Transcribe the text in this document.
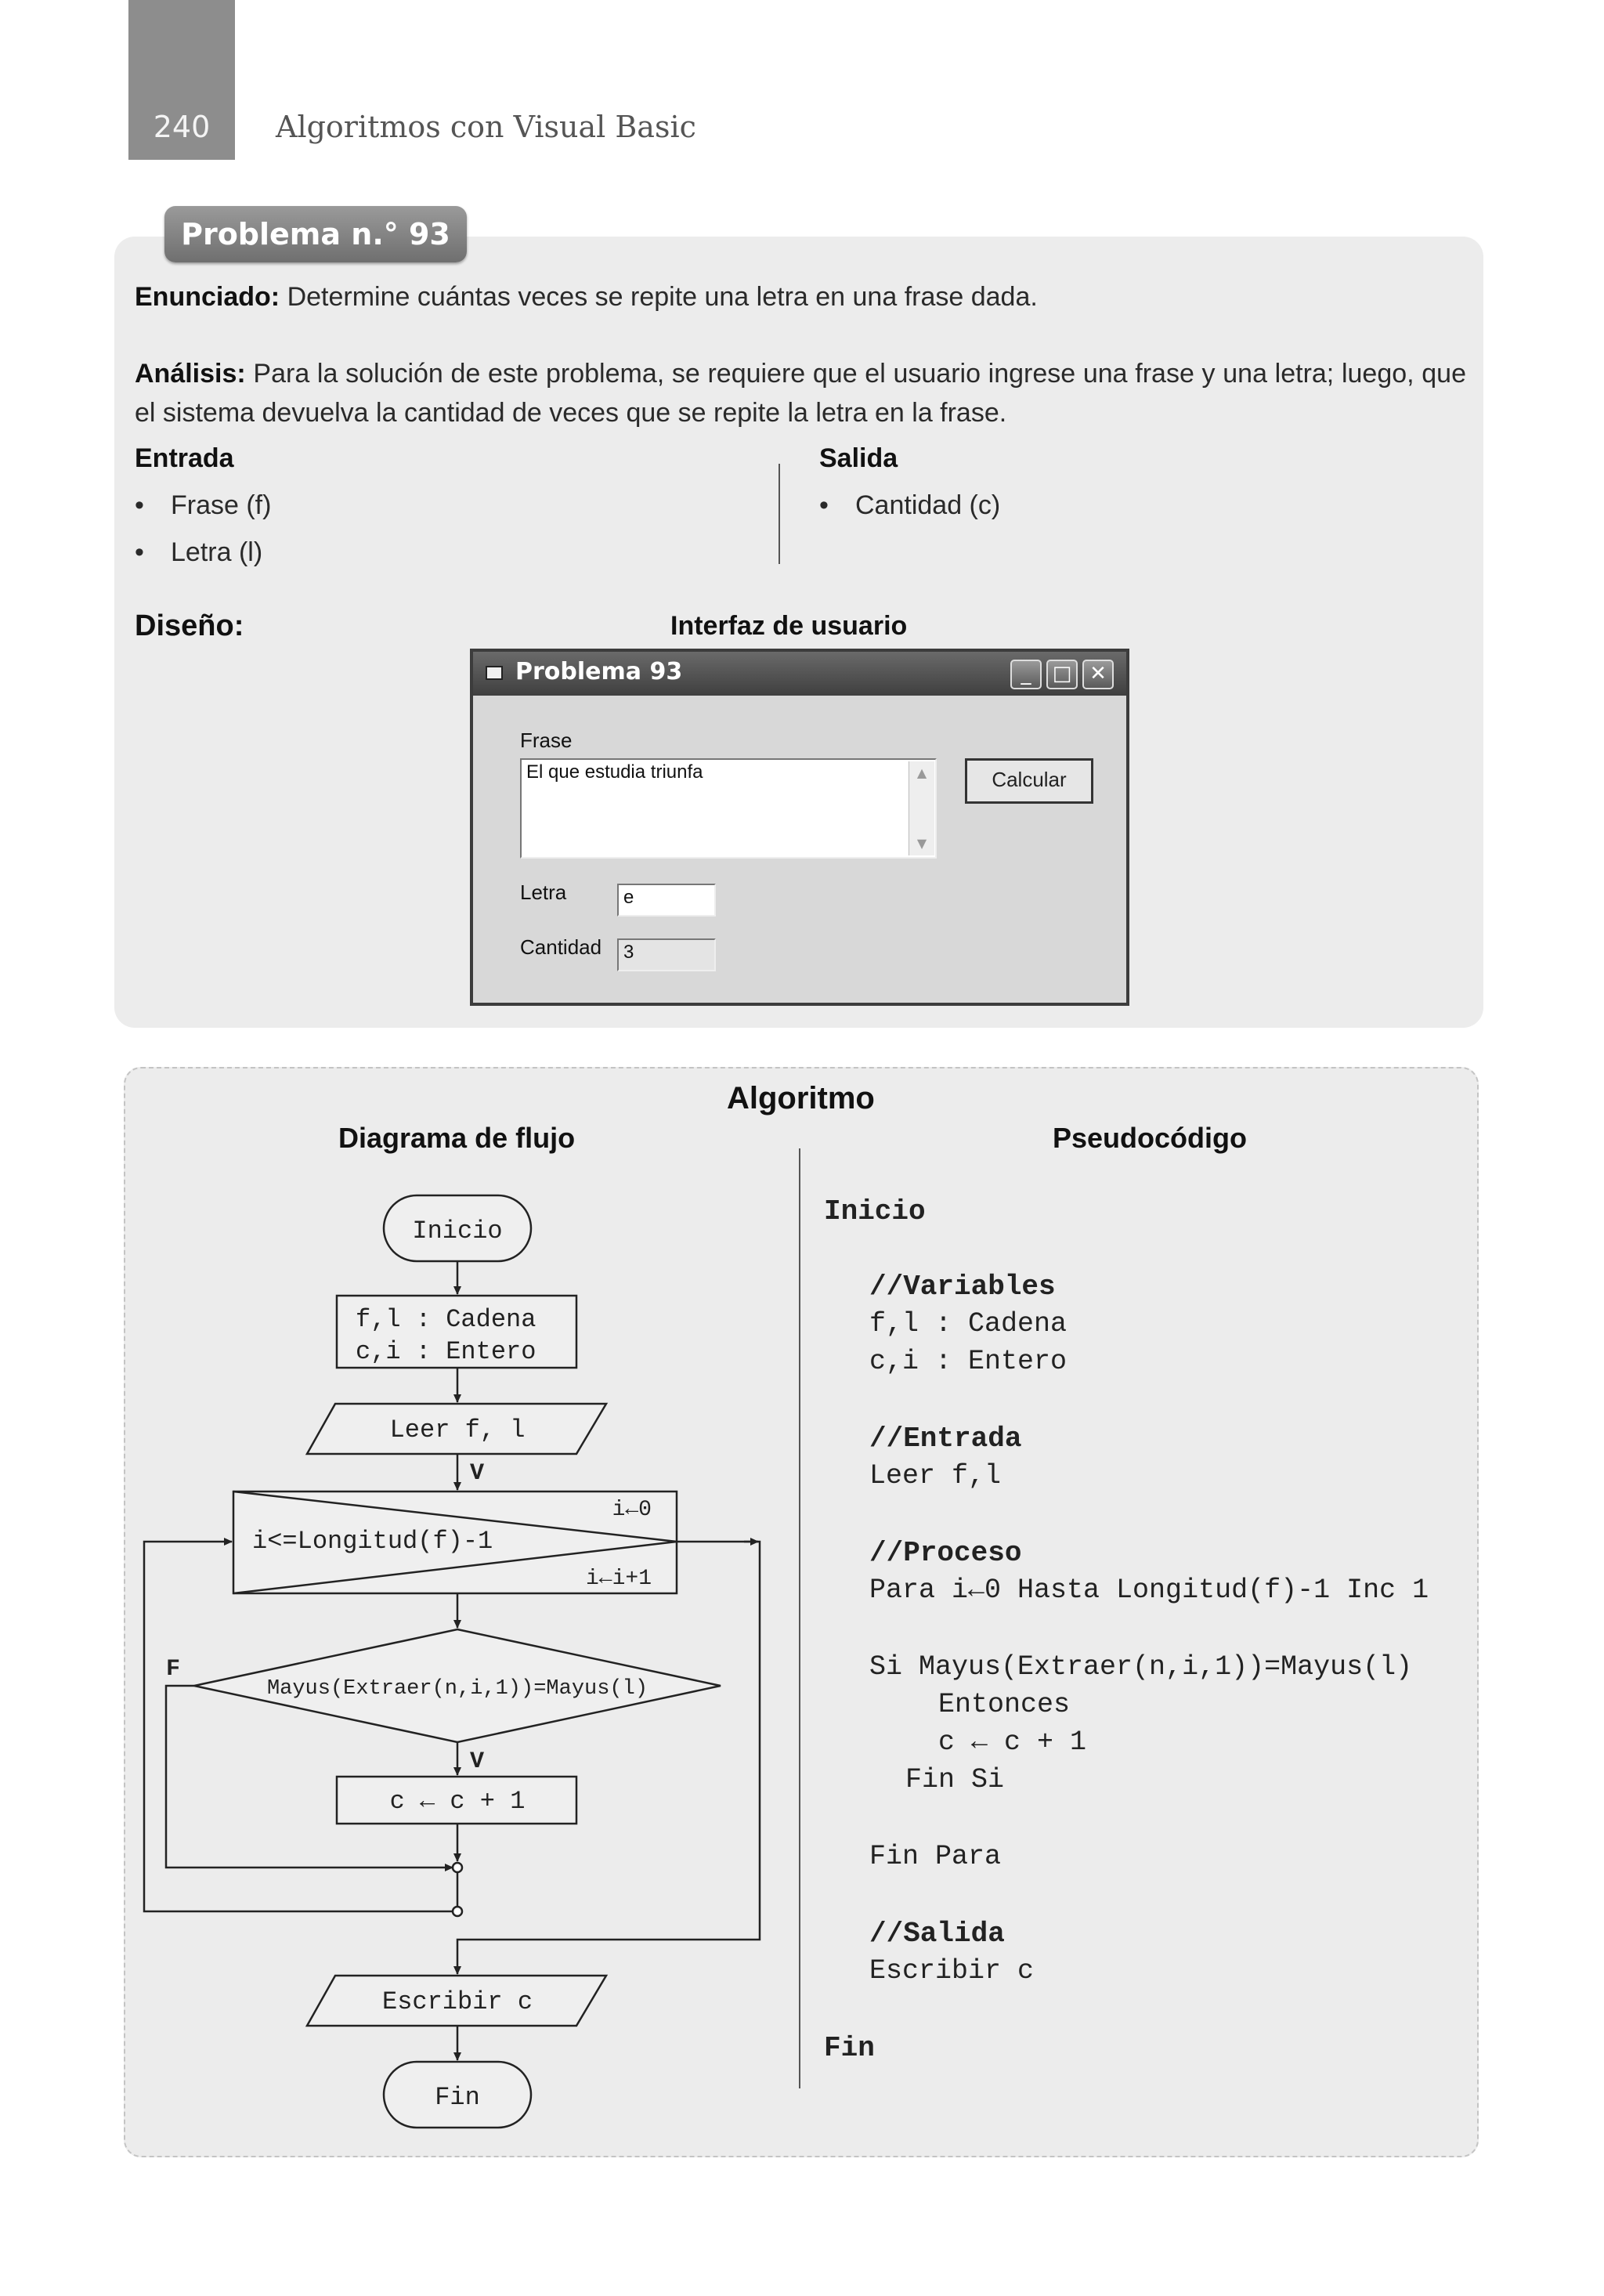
240	Algoritmos con Visual Basic
Problema n.° 93
Enunciado: Determine cuántas veces se repite una letra en una frase dada.
Análisis: Para la solución de este problema, se requiere que el usuario ingrese una frase y una letra; luego, que el sistema devuelva la cantidad de veces que se repite la letra en la frase.
Entrada
• Frase (f)
• Letra (l)
Salida
• Cantidad (c)
Diseño:	Interfaz de usuario
Problema 93	_	□ ✕
Frase
El que estudia triunfa	▲
▼
Calcular
Letra	e
Cantidad	3
Algoritmo
Diagrama de flujo	Pseudocódigo
Inicio
f,l : Cadena
c,i : Entero
Leer f, l
V
i←0
i<=Longitud(f)-1
i←i+1
F
Mayus(Extraer(n,i,1))=Mayus(l)
V
c ← c + 1
Escribir c
Fin
Inicio
//Variables
f,l : Cadena
c,i : Entero
//Entrada
Leer f,l
//Proceso
Para i←0 Hasta Longitud(f)-1 Inc 1
Si Mayus(Extraer(n,i,1))=Mayus(l)
Entonces
c ← c + 1
Fin Si
Fin Para
//Salida
Escribir c
Fin
